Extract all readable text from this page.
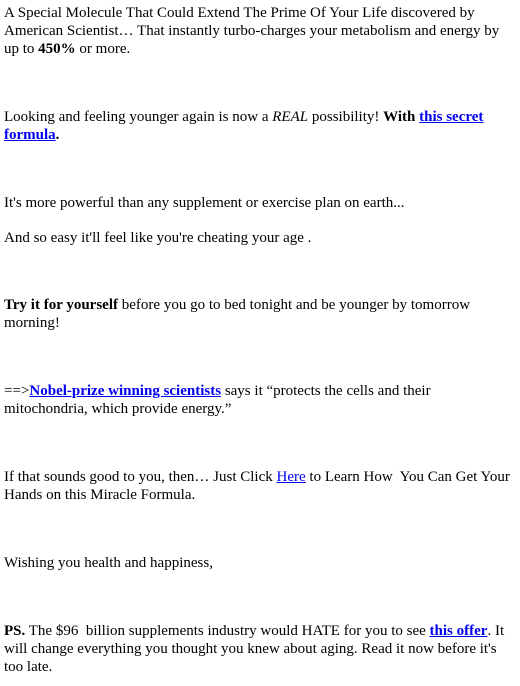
A Special Molecule That Could Extend The Prime Of Your Life discovered by American Scientist… That instantly turbo-charges your metabolism and energy by up to 450% or more.

Looking and feeling younger again is now a REAL possibility! With this secret formula.

It's more powerful than any supplement or exercise plan on earth...

And so easy it'll feel like you're cheating your age .

Try it for yourself before you go to bed tonight and be younger by tomorrow morning!

==>Nobel-prize winning scientists says it “protects the cells and their mitochondria, which provide energy.”

If that sounds good to you, then… Just Click Here to Learn How  You Can Get Your Hands on this Miracle Formula.

Wishing you health and happiness,

PS. The $96  billion supplements industry would HATE for you to see this offer. It will change everything you thought you knew about aging. Read it now before it's too late.
